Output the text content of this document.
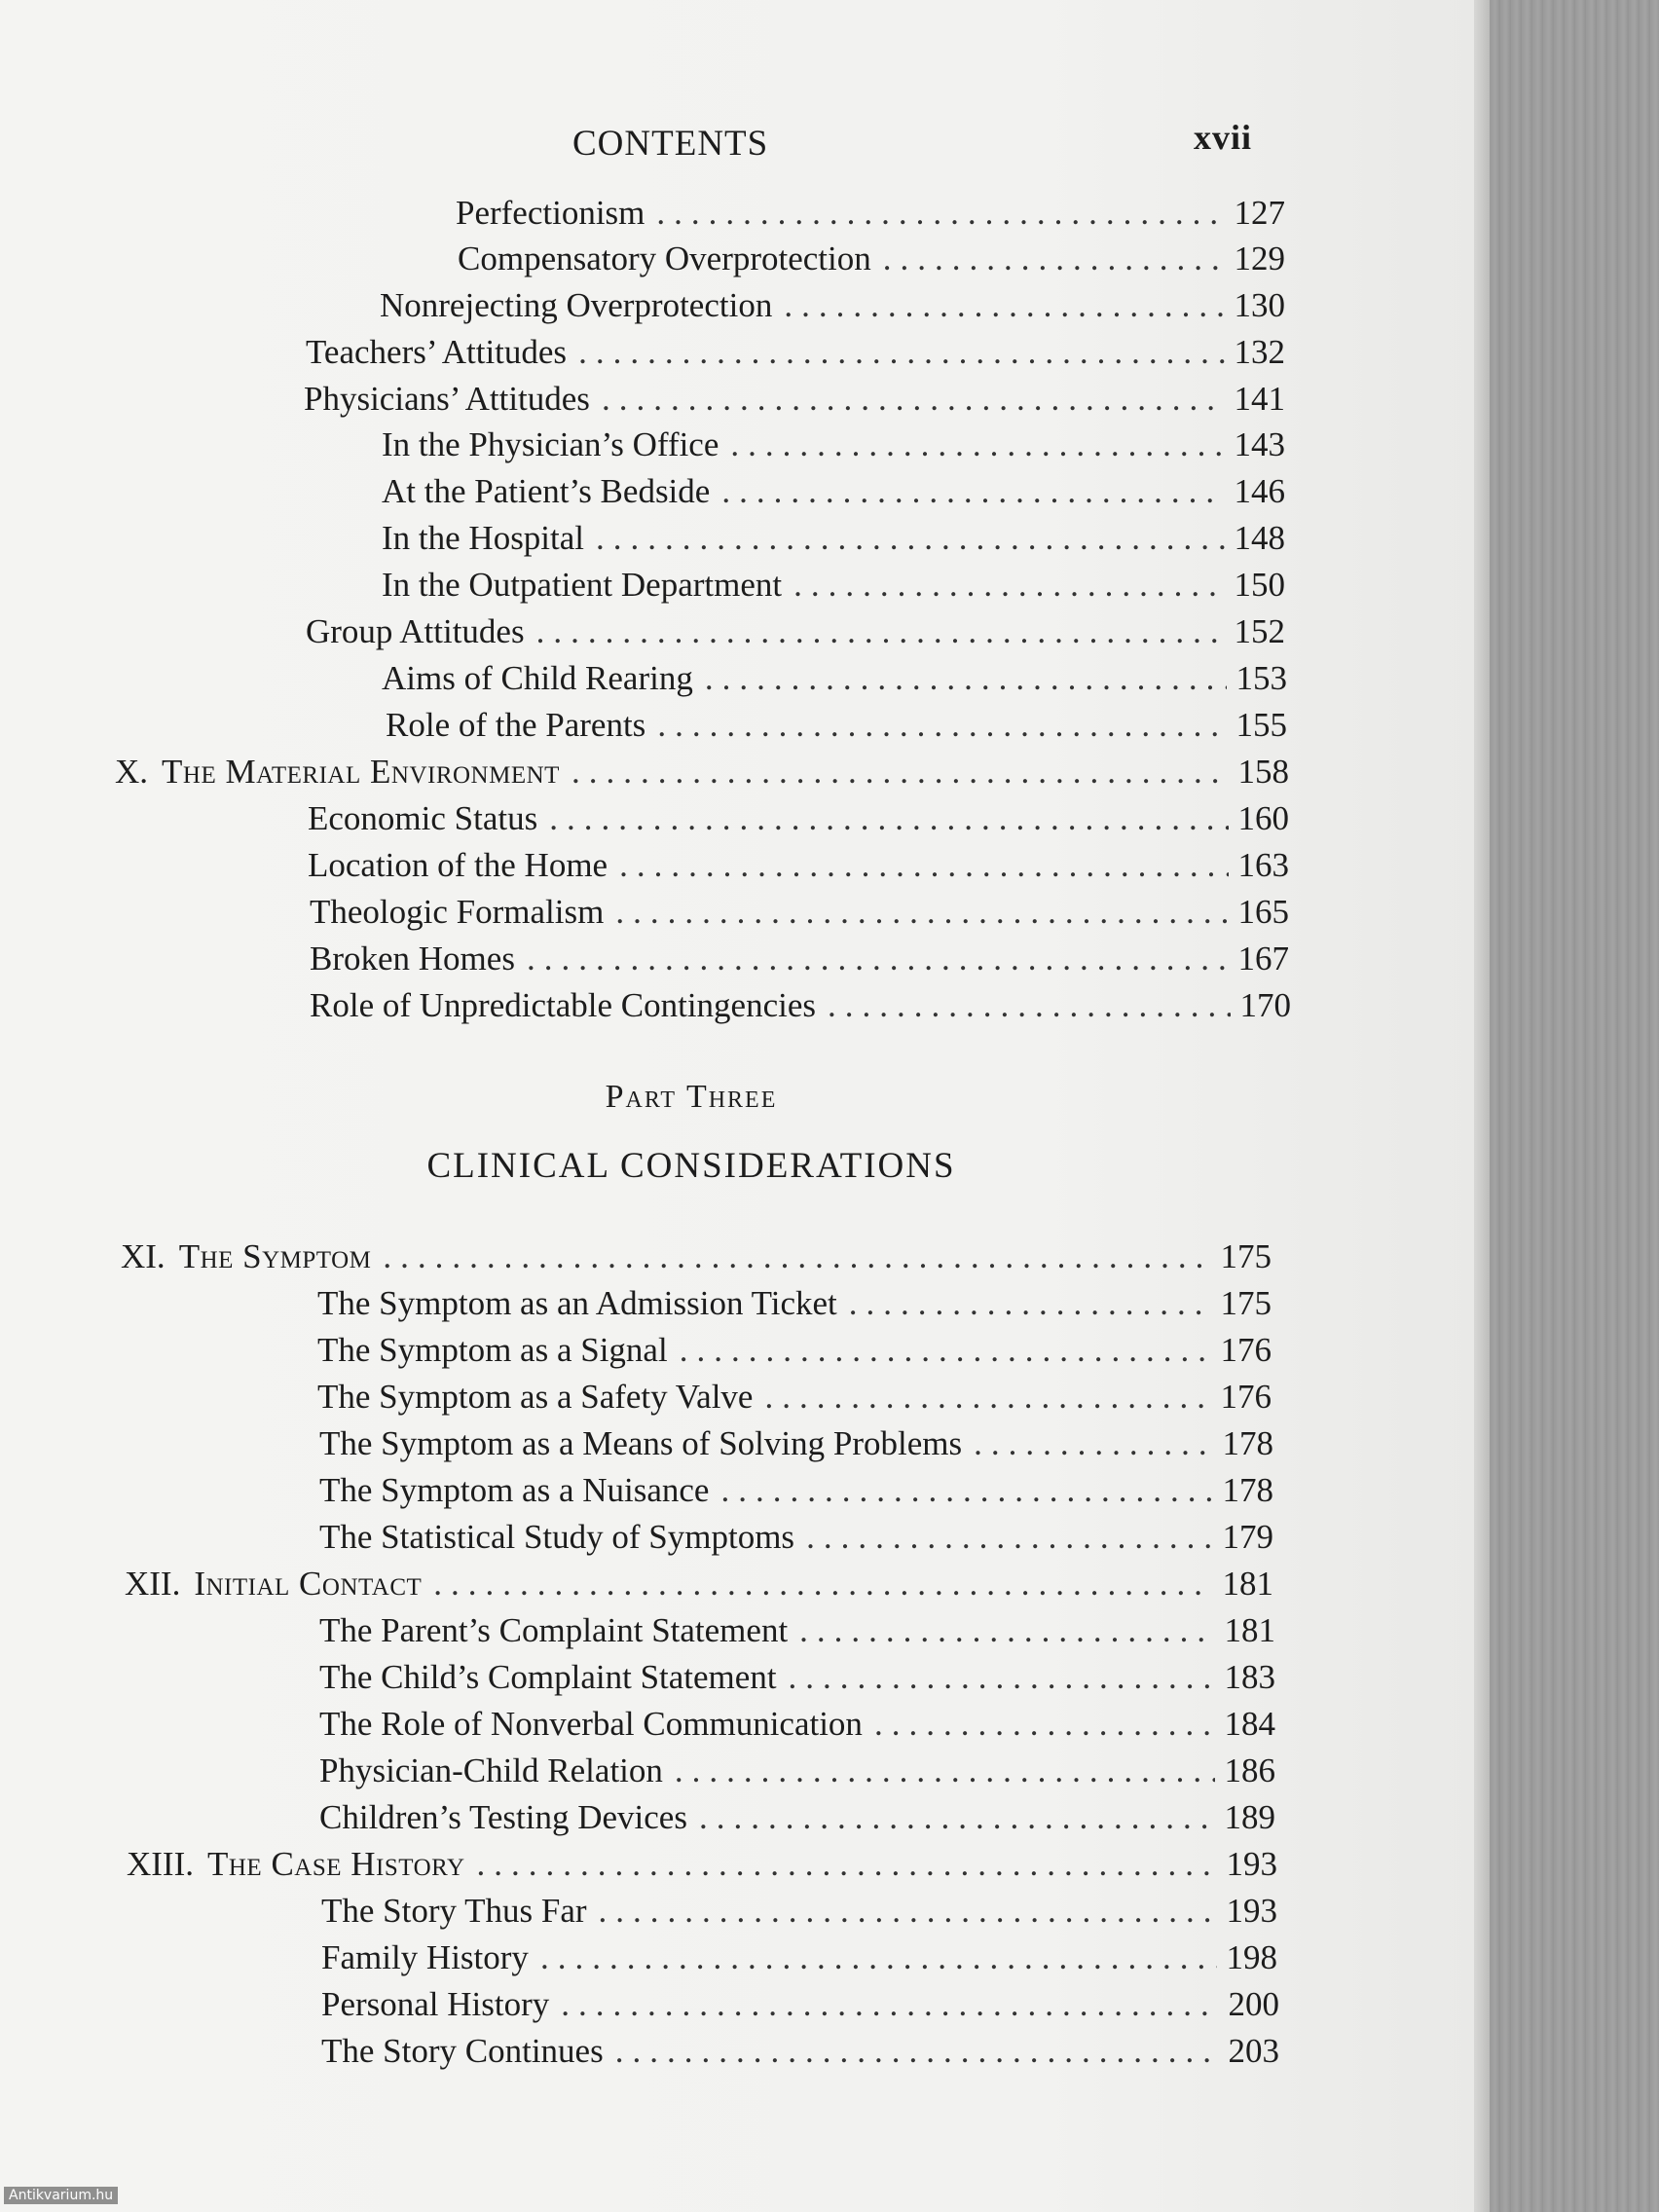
CONTENTS	xvii
Perfectionism .....	127
Compensatory Overprotection .....	129
Nonrejecting Overprotection .....	130
Teachers’ Attitudes .....	132
Physicians’ Attitudes .....	141
In the Physician’s Office .....	143
At the Patient’s Bedside .....	146
In the Hospital .....	148
In the Outpatient Department .....	150
Group Attitudes .....	152
Aims of Child Rearing .....	153
Role of the Parents .....	155
X. The Material Environment .....	158
Economic Status .....	160
Location of the Home .....	163
Theologic Formalism .....	165
Broken Homes .....	167
Role of Unpredictable Contingencies .....	170
Part Three
CLINICAL CONSIDERATIONS
XI. The Symptom .....	175
The Symptom as an Admission Ticket .....	175
The Symptom as a Signal .....	176
The Symptom as a Safety Valve .....	176
The Symptom as a Means of Solving Problems .....	178
The Symptom as a Nuisance .....	178
The Statistical Study of Symptoms .....	179
XII. Initial Contact .....	181
The Parent’s Complaint Statement .....	181
The Child’s Complaint Statement .....	183
The Role of Nonverbal Communication .....	184
Physician-Child Relation .....	186
Children’s Testing Devices .....	189
XIII. The Case History .....	193
The Story Thus Far .....	193
Family History .....	198
Personal History .....	200
The Story Continues .....	203
Antikvarium.hu
